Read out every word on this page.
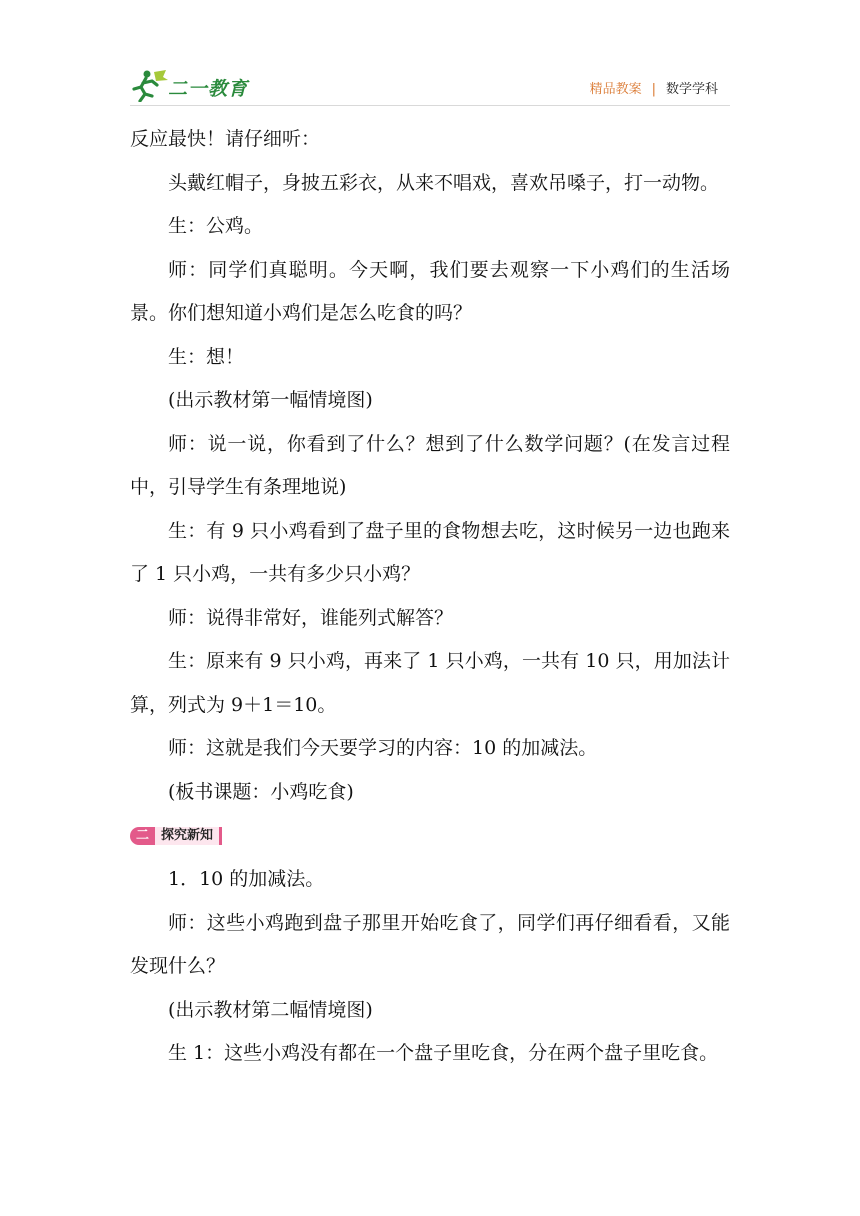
二一教育	精品教案 | 数学学科

反应最快！请仔细听：

头戴红帽子，身披五彩衣，从来不唱戏，喜欢吊嗓子，打一动物。

生：公鸡。

师：同学们真聪明。今天啊，我们要去观察一下小鸡们的生活场景。你们想知道小鸡们是怎么吃食的吗？

生：想！

(出示教材第一幅情境图)

师：说一说，你看到了什么？想到了什么数学问题？(在发言过程中，引导学生有条理地说)

生：有 9 只小鸡看到了盘子里的食物想去吃，这时候另一边也跑来了 1 只小鸡，一共有多少只小鸡？

师：说得非常好，谁能列式解答？

生：原来有 9 只小鸡，再来了 1 只小鸡，一共有 10 只，用加法计算，列式为 9＋1＝10。

师：这就是我们今天要学习的内容：10 的加减法。

(板书课题：小鸡吃食)

二 探究新知

1．10 的加减法。

师：这些小鸡跑到盘子那里开始吃食了，同学们再仔细看看，又能发现什么？

(出示教材第二幅情境图)

生 1：这些小鸡没有都在一个盘子里吃食，分在两个盘子里吃食。
